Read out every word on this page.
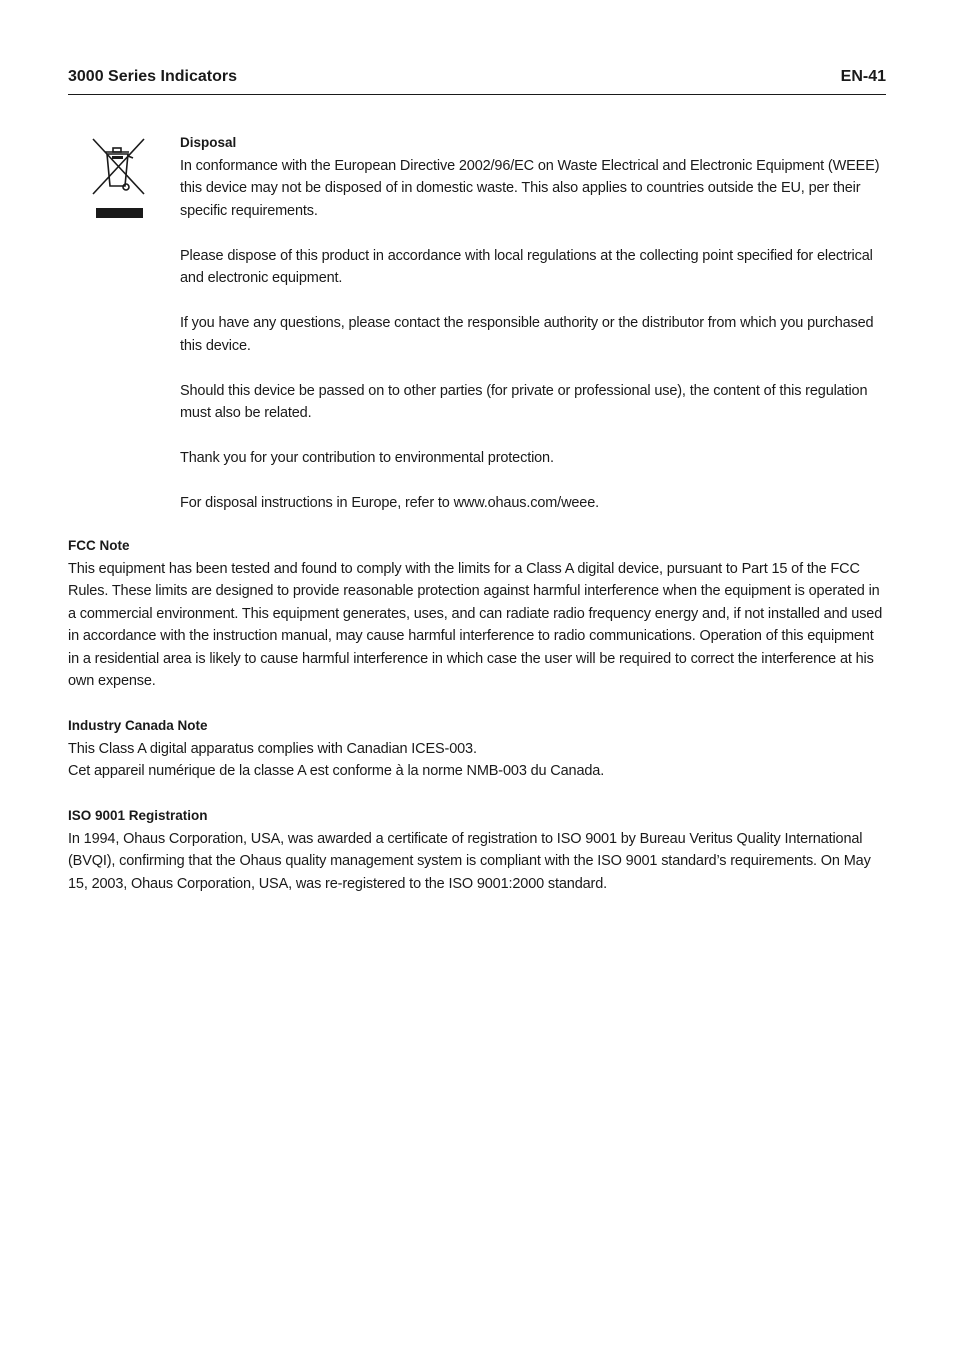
3000 Series Indicators	EN-41
Disposal

In conformance with the European Directive 2002/96/EC on Waste Electrical and Electronic Equipment (WEEE) this device may not be disposed of in domestic waste. This also applies to countries outside the EU, per their specific requirements.

Please dispose of this product in accordance with local regulations at the collecting point specified for electrical and electronic equipment.

If you have any questions, please contact the responsible authority or the distributor from which you purchased this device.

Should this device be passed on to other parties (for private or professional use), the content of this regulation must also be related.

Thank you for your contribution to environmental protection.

For disposal instructions in Europe, refer to www.ohaus.com/weee.

FCC Note

This equipment has been tested and found to comply with the limits for a Class A digital device, pursuant to Part 15 of the FCC Rules. These limits are designed to provide reasonable protection against harmful interference when the equipment is operated in a commercial environment. This equipment generates, uses, and can radiate radio frequency energy and, if not installed and used in accordance with the instruction manual, may cause harmful interference to radio communications. Operation of this equipment in a residential area is likely to cause harmful interference in which case the user will be required to correct the interference at his own expense.

Industry Canada Note

This Class A digital apparatus complies with Canadian ICES-003.

Cet appareil numérique de la classe A est conforme à la norme NMB-003 du Canada.

ISO 9001 Registration

In 1994, Ohaus Corporation, USA, was awarded a certificate of registration to ISO 9001 by Bureau Veritus Quality International (BVQI), confirming that the Ohaus quality management system is compliant with the ISO 9001 standard’s requirements. On May 15, 2003, Ohaus Corporation, USA, was re-registered to the ISO 9001:2000 standard.
